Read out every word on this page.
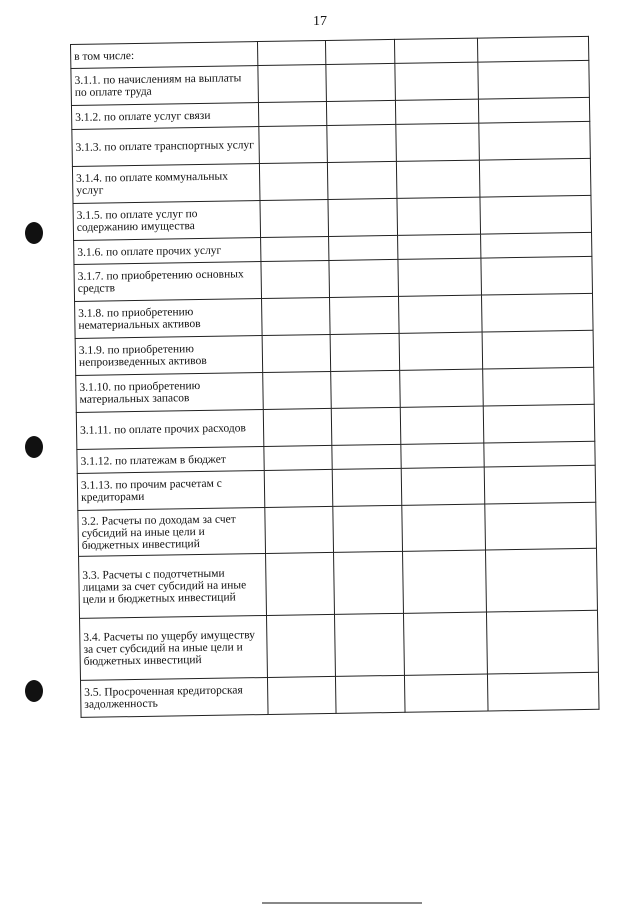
17
в том числе:				
3.1.1. по начислениям на выплаты по оплате труда				
3.1.2. по оплате услуг связи				
3.1.3. по оплате транспортных услуг				
3.1.4. по оплате коммунальных услуг				
3.1.5. по оплате услуг по содержанию имущества				
3.1.6. по оплате прочих услуг				
3.1.7. по приобретению основных средств				
3.1.8. по приобретению нематериальных активов				
3.1.9. по приобретению непроизведенных активов				
3.1.10. по приобретению материальных запасов				
3.1.11. по оплате прочих расходов				
3.1.12. по платежам в бюджет				
3.1.13. по прочим расчетам с кредиторами				
3.2. Расчеты по доходам за счет субсидий на иные цели и бюджетных инвестиций				
3.3. Расчеты с подотчетными лицами за счет субсидий на иные цели и бюджетных инвестиций				
3.4. Расчеты по ущербу имуществу за счет субсидий на иные цели и бюджетных инвестиций				
3.5. Просроченная кредиторская задолженность				
